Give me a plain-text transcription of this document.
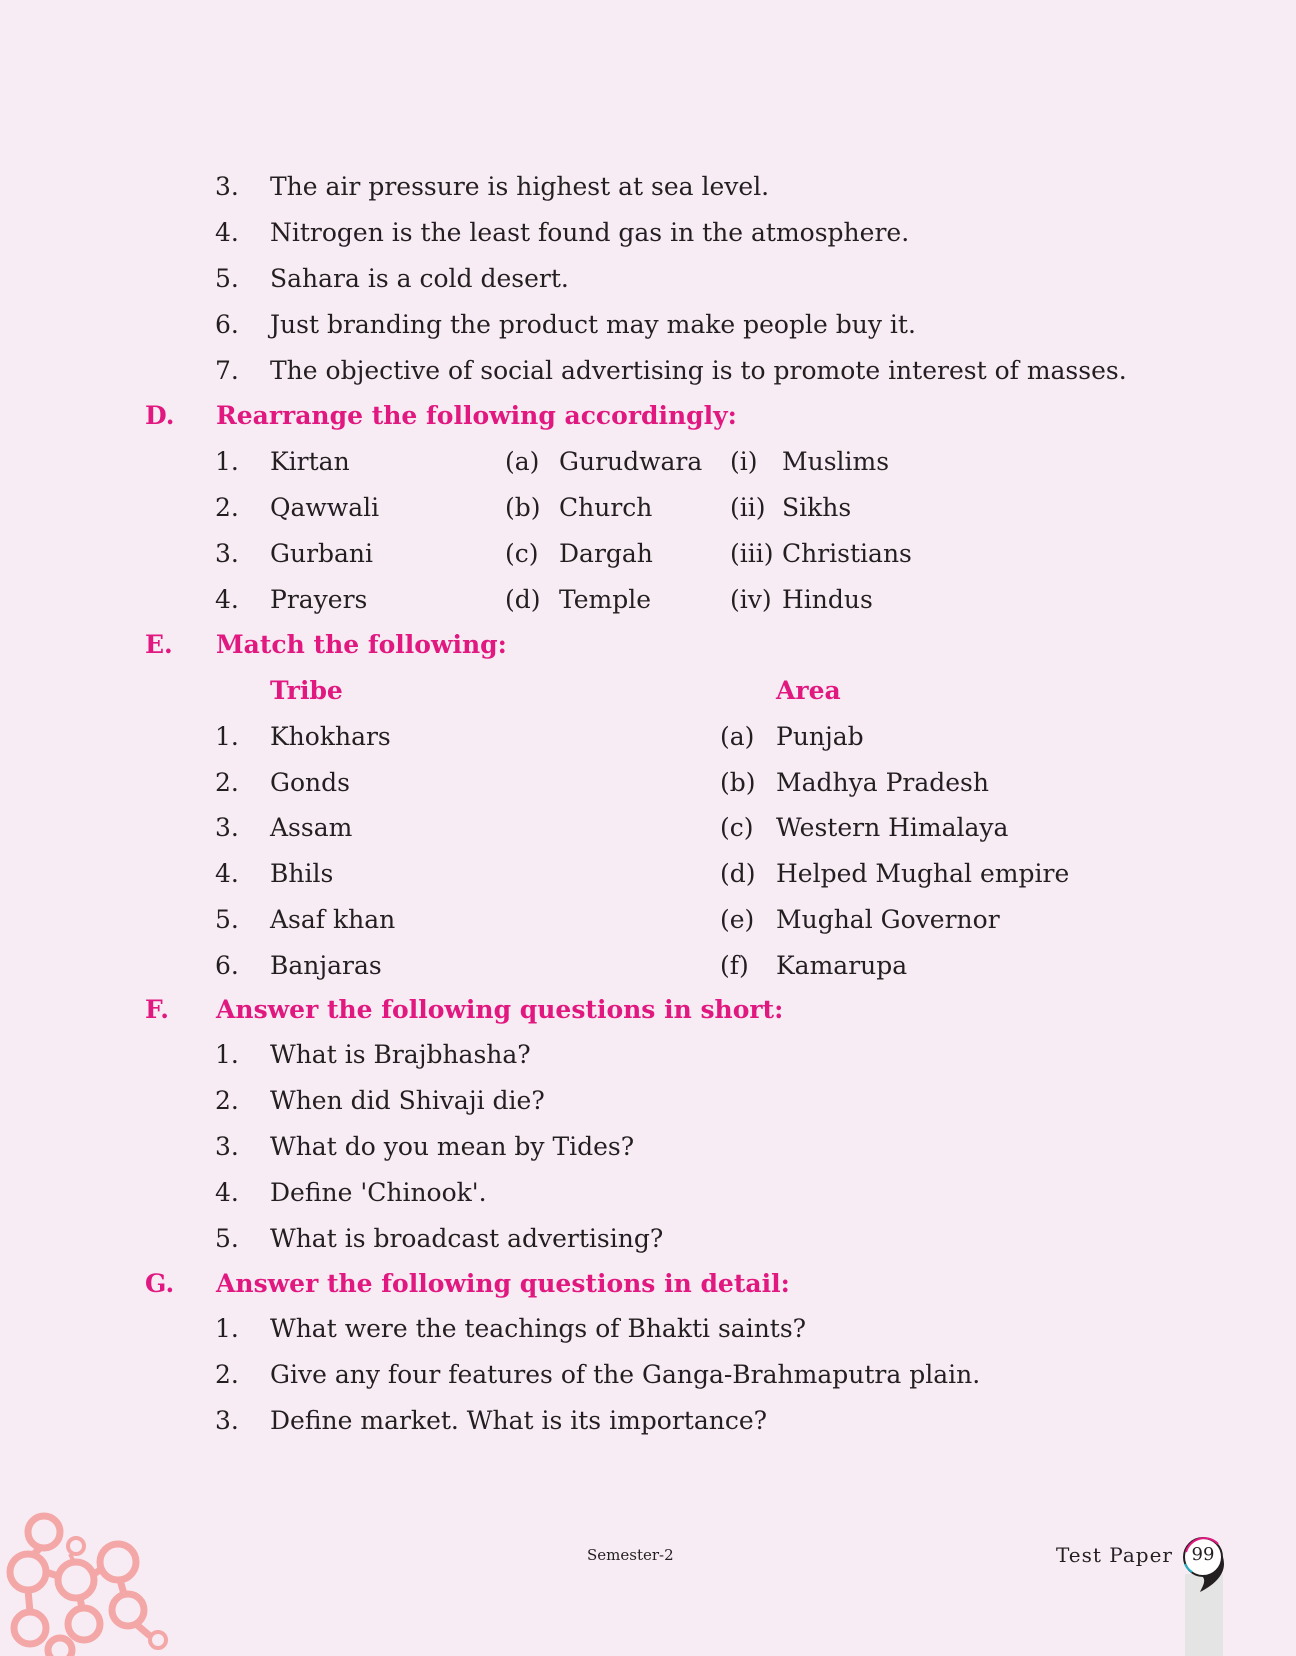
3. The air pressure is highest at sea level.
4. Nitrogen is the least found gas in the atmosphere.
5. Sahara is a cold desert.
6. Just branding the product may make people buy it.
7. The objective of social advertising is to promote interest of masses.
D. Rearrange the following accordingly:
1. Kirtan	(a) Gurudwara (i) Muslims
2. Qawwali	(b) Church	(ii) Sikhs
3. Gurbani	(c) Dargah	(iii) Christians
4. Prayers	(d) Temple	(iv) Hindus
E. Match the following:
Tribe	Area
1. Khokhars	(a) Punjab
2. Gonds	(b) Madhya Pradesh
3. Assam	(c) Western Himalaya
4. Bhils	(d) Helped Mughal empire
5. Asaf khan	(e) Mughal Governor
6. Banjaras	(f) Kamarupa
F. Answer the following questions in short:
1. What is Brajbhasha?
2. When did Shivaji die?
3. What do you mean by Tides?
4. Define 'Chinook'.
5. What is broadcast advertising?
G. Answer the following questions in detail:
1. What were the teachings of Bhakti saints?
2. Give any four features of the Ganga-Brahmaputra plain.
3. Define market. What is its importance?
Semester-2	Test Paper	99
